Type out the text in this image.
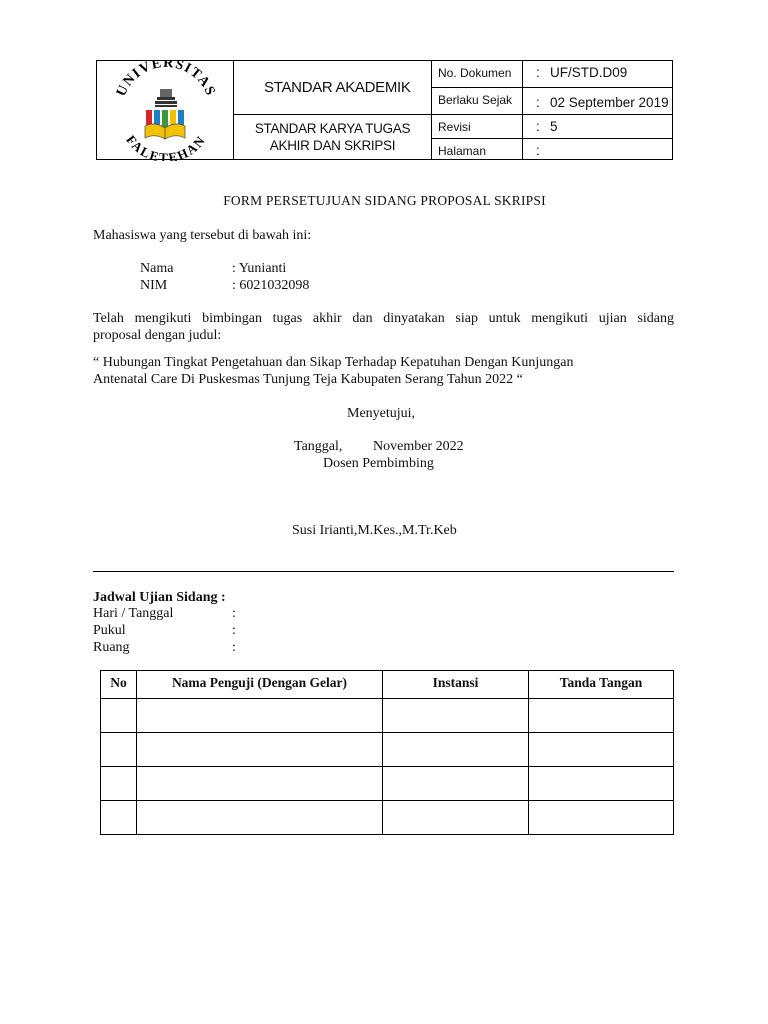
UNIVERSITAS
FALETEHAN
STANDAR AKADEMIK
STANDAR KARYA TUGAS AKHIR DAN SKRIPSI
No. Dokumen	: UF/STD.D09
Berlaku Sejak	: 02 September 2019
Revisi	: 5
Halaman	:
FORM PERSETUJUAN SIDANG PROPOSAL SKRIPSI
Mahasiswa yang tersebut di bawah ini:
Nama	: Yunianti
NIM	: 6021032098
Telah mengikuti bimbingan tugas akhir dan dinyatakan siap untuk mengikuti ujian sidang
proposal dengan judul:
“ Hubungan Tingkat Pengetahuan dan Sikap Terhadap Kepatuhan Dengan Kunjungan
Antenatal Care Di Puskesmas Tunjung Teja Kabupaten Serang Tahun 2022 “
Menyetujui,
Tanggal, November 2022
Dosen Pembimbing
Susi Irianti,M.Kes.,M.Tr.Keb
Jadwal Ujian Sidang :
Hari / Tanggal	:
Pukul	:
Ruang	:
No	Nama Penguji (Dengan Gelar)	Instansi	Tanda Tangan
